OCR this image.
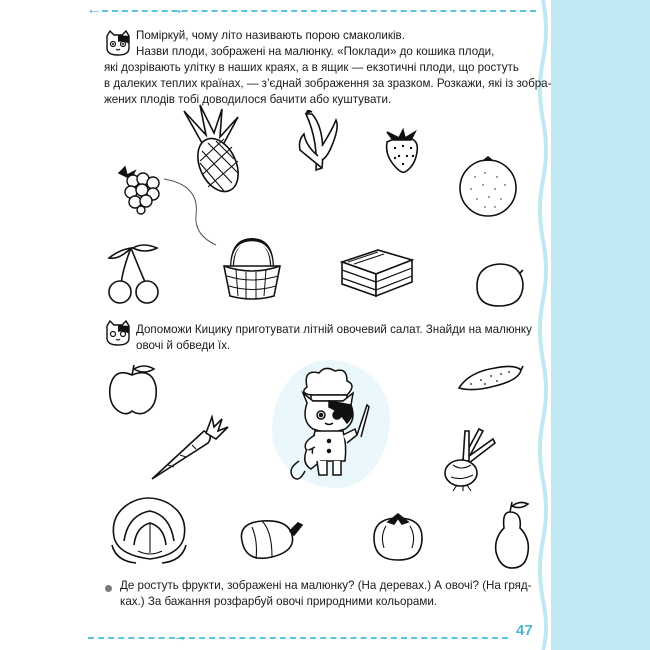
←	→
→	47
Поміркуй, чому літо називають порою смаколиків.
Назви плоди, зображені на малюнку. «Поклади» до кошика плоди,
які дозрівають улітку в наших краях, а в ящик — екзотичні плоди, що ростуть
в далеких теплих країнах, — з’єднай зображення за зразком. Розкажи, які із зобра-
жених плодів тобі доводилося бачити або куштувати.
Допоможи Кицику приготувати літній овочевий салат. Знайди на малюнку
овочі й обведи їх.
Де ростуть фрукти, зображені на малюнку? (На деревах.) А овочі? (На гряд-
ках.) За бажання розфарбуй овочі природними кольорами.
